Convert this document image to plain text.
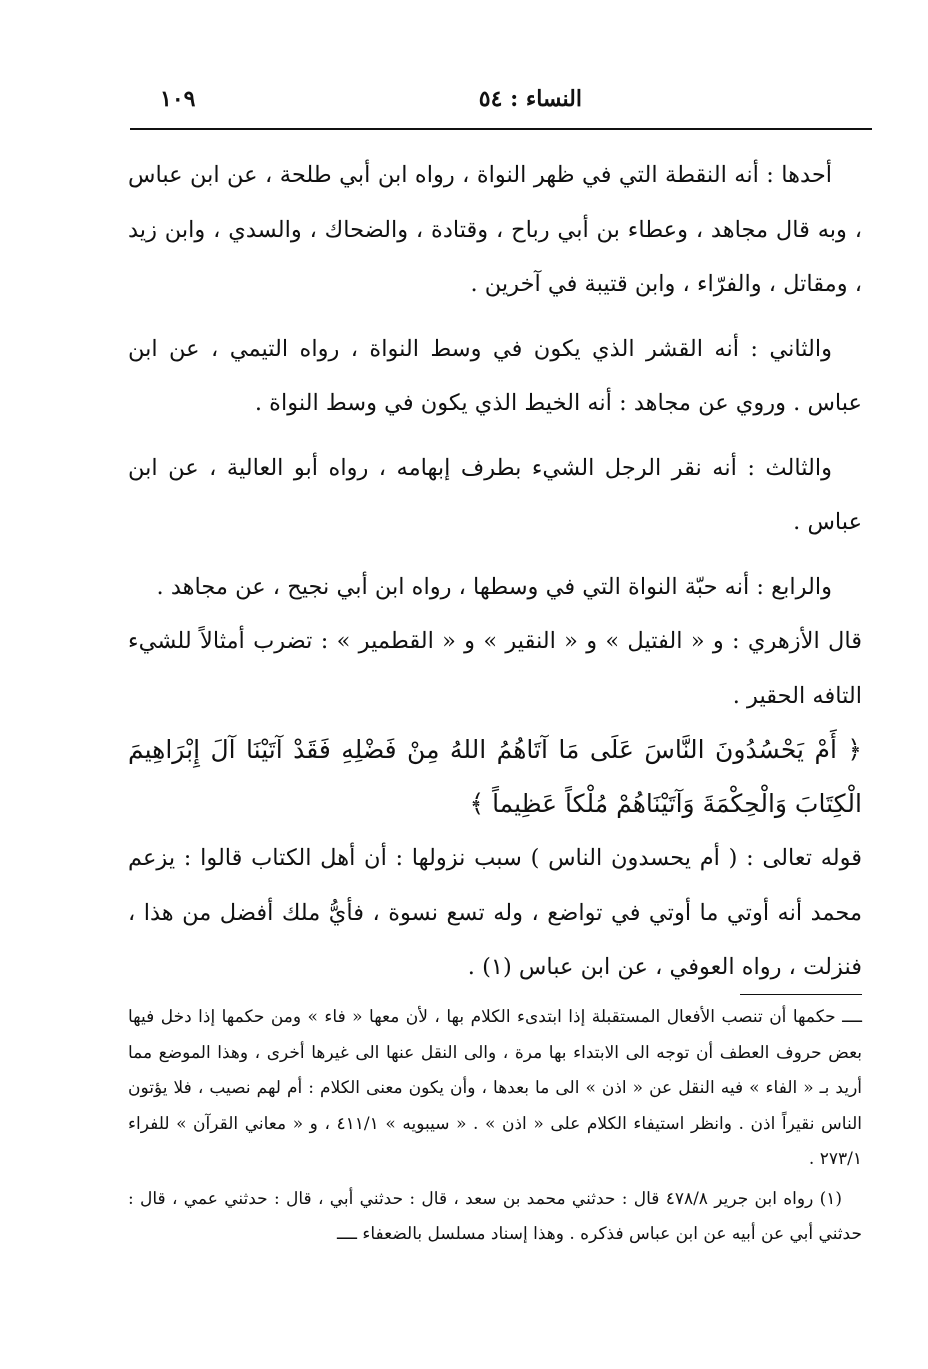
النساء : ٥٤
١٠٩

أحدها : أنه النقطة التي في ظهر النواة ، رواه ابن أبي طلحة ، عن ابن عباس ، وبه قال مجاهد ، وعطاء بن أبي رباح ، وقتادة ، والضحاك ، والسدي ، وابن زيد ، ومقاتل ، والفرّاء ، وابن قتيبة في آخرين .

والثاني : أنه القشر الذي يكون في وسط النواة ، رواه التيمي ، عن ابن عباس . وروي عن مجاهد : أنه الخيط الذي يكون في وسط النواة .

والثالث : أنه نقر الرجل الشيء بطرف إبهامه ، رواه أبو العالية ، عن ابن عباس .

والرابع : أنه حبّة النواة التي في وسطها ، رواه ابن أبي نجيح ، عن مجاهد .

قال الأزهري : و « الفتيل » و « النقير » و « القطمير » : تضرب أمثالاً للشيء التافه الحقير .

﴿ أَمْ يَحْسُدُونَ النَّاسَ عَلَى مَا آتَاهُمُ اللهُ مِنْ فَضْلِهِ فَقَدْ آتَيْنَا آلَ إِبْرَاهِيمَ الْكِتَابَ وَالْحِكْمَةَ وَآتَيْنَاهُمْ مُلْكاً عَظِيماً ﴾

قوله تعالى : ( أم يحسدون الناس ) سبب نزولها : أن أهل الكتاب قالوا : يزعم محمد أنه أوتي ما أوتي في تواضع ، وله تسع نسوة ، فأيُّ ملك أفضل من هذا ، فنزلت ، رواه العوفي ، عن ابن عباس (١) .

ــــ حكمها أن تنصب الأفعال المستقبلة إذا ابتدىء الكلام بها ، لأن معها « فاء » ومن حكمها إذا دخل فيها بعض حروف العطف أن توجه الى الابتداء بها مرة ، والى النقل عنها الى غيرها أخرى ، وهذا الموضع مما أريد بـ « الفاء » فيه النقل عن « اذن » الى ما بعدها ، وأن يكون معنى الكلام : أم لهم نصيب ، فلا يؤتون الناس نقيراً اذن . وانظر استيفاء الكلام على « اذن » . « سيبويه » ٤١١/١ ، و « معاني القرآن » للفراء ٢٧٣/١ .

(١) رواه ابن جرير ٤٧٨/٨ قال : حدثني محمد بن سعد ، قال : حدثني أبي ، قال : حدثني عمي ، قال : حدثني أبي عن أبيه عن ابن عباس فذكره . وهذا إسناد مسلسل بالضعفاء ــــ
